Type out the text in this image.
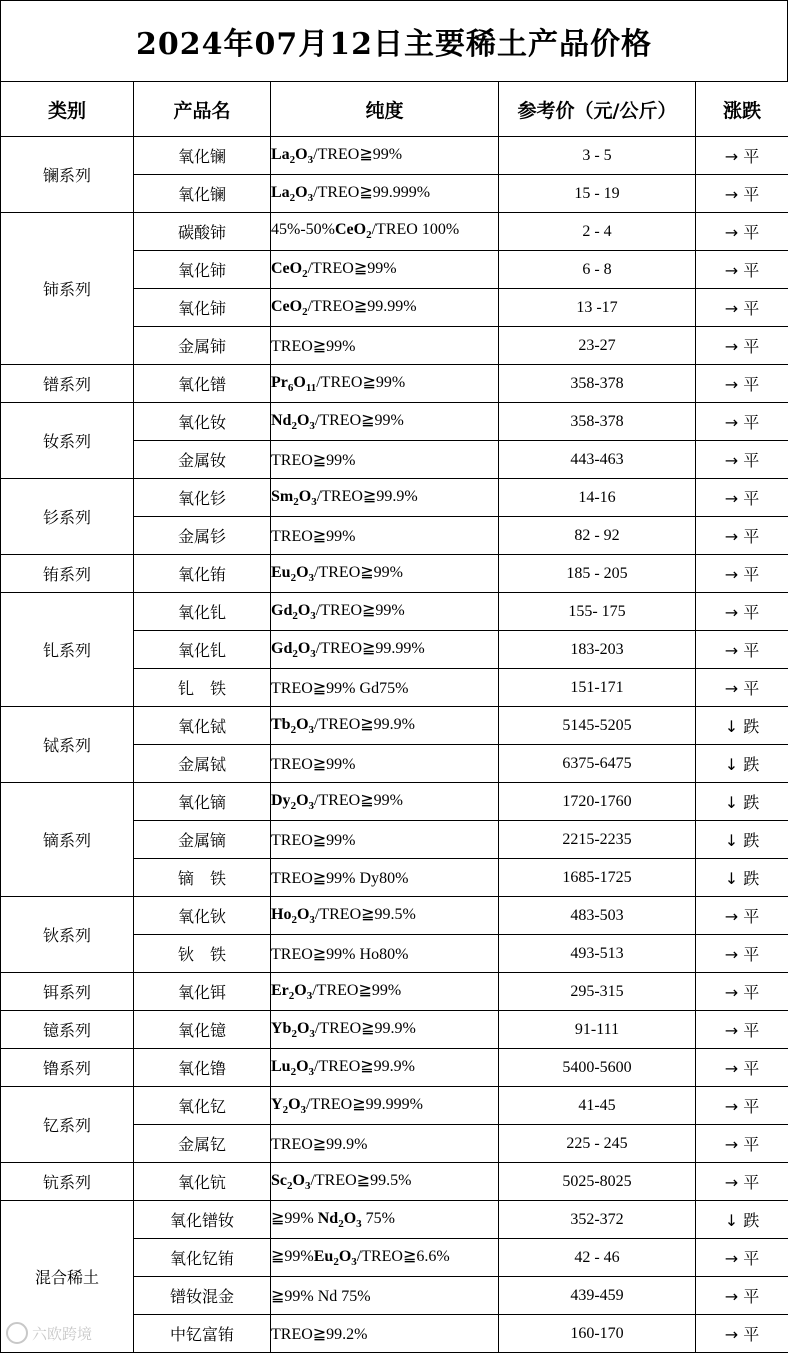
2024年07月12日主要稀土产品价格
类别	产品名	纯度	参考价（元/公斤）	涨跌
镧系列	氧化镧	$La_2O_3/TREO≧99\%$	3 - 5	→ 平
	氧化镧	$La_2O_3/TREO≧99.999\%$	15 - 19	→ 平
铈系列	碳酸铈	45%-50%CeO$_2$/TREO 100%	2 - 4	→ 平
	氧化铈	CeO$_2$/TREO≧99%	6 - 8	→ 平
	氧化铈	CeO$_2$/TREO≧99.99%	13 -17	→ 平
	金属铈	TREO≧99%	23-27	→ 平
镨系列	氧化镨	$Pr_6O_{11}/TREO≧99\%$	358-378	→ 平
钕系列	氧化钕	$Nd_2O_3/TREO≧99\%$	358-378	→ 平
	金属钕	TREO≧99%	443-463	→ 平
钐系列	氧化钐	$Sm_2O_3/TREO≧99.9\%$	14-16	→ 平
	金属钐	TREO≧99%	82 - 92	→ 平
铕系列	氧化铕	$Eu_2O_3/TREO≧99\%$	185 - 205	→ 平
钆系列	氧化钆	$Gd_2O_3/TREO≧99\%$	155- 175	→ 平
	氧化钆	$Gd_2O_3/TREO≧99.99\%$	183-203	→ 平
	钆　铁	TREO≧99% Gd75%	151-171	→ 平
铽系列	氧化铽	$Tb_2O_3/TREO≧99.9\%$	5145-5205	↓ 跌
	金属铽	TREO≧99%	6375-6475	↓ 跌
镝系列	氧化镝	$Dy_2O_3/TREO≧99\%$	1720-1760	↓ 跌
	金属镝	TREO≧99%	2215-2235	↓ 跌
	镝　铁	TREO≧99% Dy80%	1685-1725	↓ 跌
钬系列	氧化钬	$Ho_2O_3/TREO≧99.5\%$	483-503	→ 平
	钬　铁	TREO≧99% Ho80%	493-513	→ 平
铒系列	氧化铒	$Er_2O_3/TREO≧99\%$	295-315	→ 平
镱系列	氧化镱	$Yb_2O_3/TREO≧99.9\%$	91-111	→ 平
镥系列	氧化镥	$Lu_2O_3/TREO≧99.9\%$	5400-5600	→ 平
钇系列	氧化钇	$Y_2O_3/TREO≧99.999\%$	41-45	→ 平
	金属钇	TREO≧99.9%	225 - 245	→ 平
钪系列	氧化钪	$Sc_2O_3/TREO≧99.5\%$	5025-8025	→ 平
混合稀土	氧化镨钕	≧99% $Nd_2O_3$ 75%	352-372	↓ 跌
	氧化钇铕	$≧99\%Eu_2O_3/TREO≧6.6\%$	42 - 46	→ 平
	镨钕混金	≧99% Nd 75%	439-459	→ 平
	中钇富铕	TREO≧99.2%	160-170	→ 平
六欧跨境
